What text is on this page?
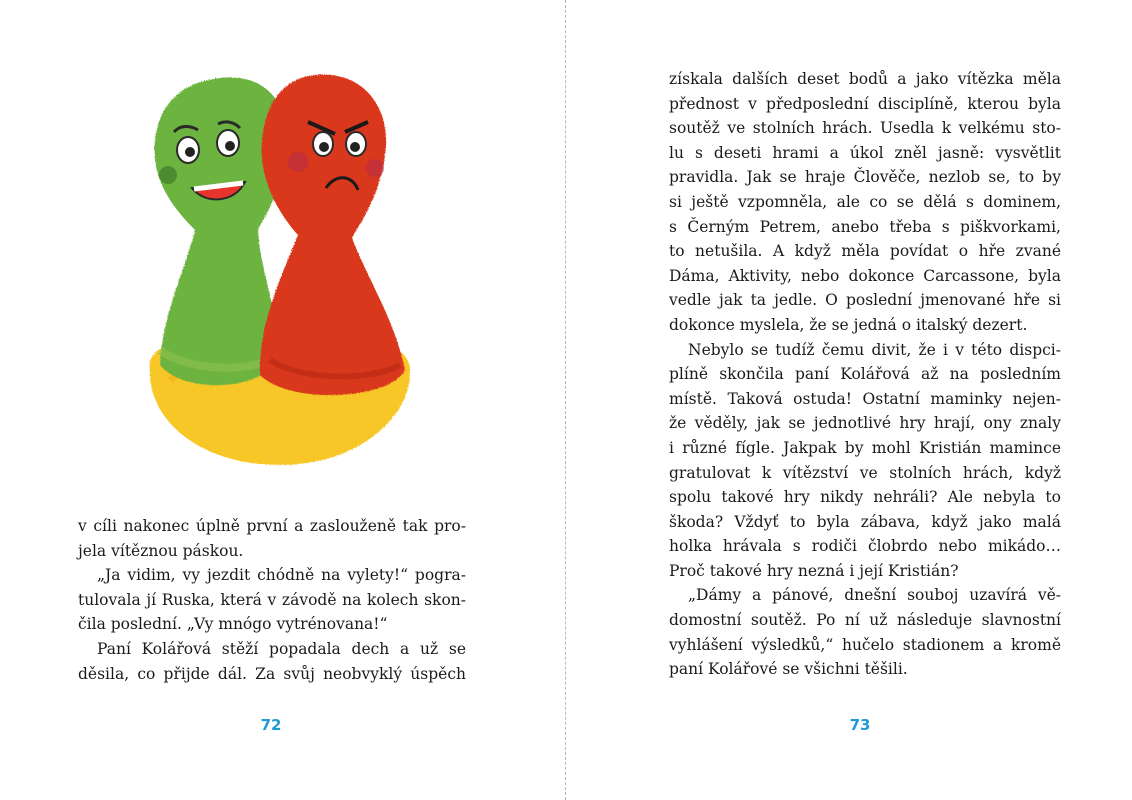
v cíli nakonec úplně první a zaslouženě tak pro-
jela vítěznou páskou.
„Ja vidim, vy jezdit chódně na vylety!“ pogra-
tulovala jí Ruska, která v závodě na kolech skon-
čila poslední. „Vy mnógo vytrénovana!“
Paní Kolářová stěží popadala dech a už se
děsila, co přijde dál. Za svůj neobvyklý úspěch
72
získala dalších deset bodů a jako vítězka měla
přednost v předposlední disciplíně, kterou byla
soutěž ve stolních hrách. Usedla k velkému sto-
lu s deseti hrami a úkol zněl jasně: vysvětlit
pravidla. Jak se hraje Člověče, nezlob se, to by
si ještě vzpomněla, ale co se dělá s dominem,
s Černým Petrem, anebo třeba s piškvorkami,
to netušila. A když měla povídat o hře zvané
Dáma, Aktivity, nebo dokonce Carcassone, byla
vedle jak ta jedle. O poslední jmenované hře si
dokonce myslela, že se jedná o italský dezert.
Nebylo se tudíž čemu divit, že i v této dispci-
plíně skončila paní Kolářová až na posledním
místě. Taková ostuda! Ostatní maminky nejen-
že věděly, jak se jednotlivé hry hrají, ony znaly
i různé fígle. Jakpak by mohl Kristián mamince
gratulovat k vítězství ve stolních hrách, když
spolu takové hry nikdy nehráli? Ale nebyla to
škoda? Vždyť to byla zábava, když jako malá
holka hrávala s rodiči člobrdo nebo mikádo…
Proč takové hry nezná i její Kristián?
„Dámy a pánové, dnešní souboj uzavírá vě-
domostní soutěž. Po ní už následuje slavnostní
vyhlášení výsledků,“ hučelo stadionem a kromě
paní Kolářové se všichni těšili.
73
